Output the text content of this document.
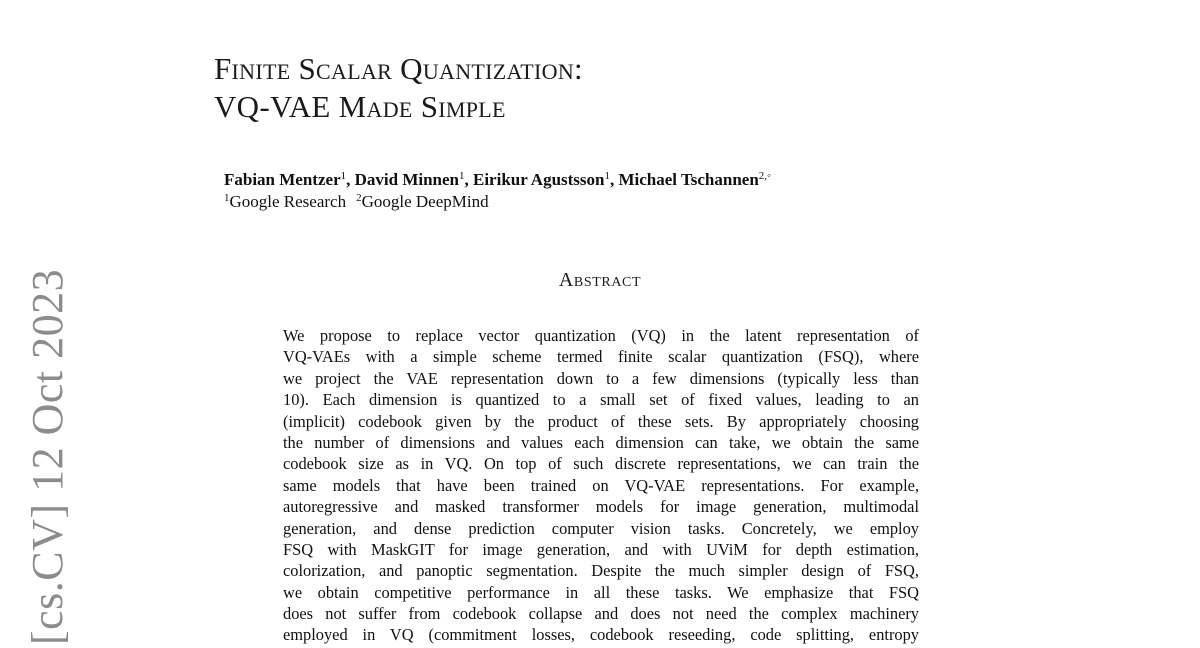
Finite Scalar Quantization:
VQ-VAE Made Simple
Fabian Mentzer$^1$, David Minnen$^1$, Eirikur Agustsson$^1$, Michael Tschannen$^{2,◦}$
$^1$Google Research $^2$Google DeepMind
Abstract
We propose to replace vector quantization (VQ) in the latent representation of
VQ-VAEs with a simple scheme termed finite scalar quantization (FSQ), where
we project the VAE representation down to a few dimensions (typically less than
10). Each dimension is quantized to a small set of fixed values, leading to an
(implicit) codebook given by the product of these sets. By appropriately choosing
the number of dimensions and values each dimension can take, we obtain the same
codebook size as in VQ. On top of such discrete representations, we can train the
same models that have been trained on VQ-VAE representations. For example,
autoregressive and masked transformer models for image generation, multimodal
generation, and dense prediction computer vision tasks. Concretely, we employ
FSQ with MaskGIT for image generation, and with UViM for depth estimation,
colorization, and panoptic segmentation. Despite the much simpler design of FSQ,
we obtain competitive performance in all these tasks. We emphasize that FSQ
does not suffer from codebook collapse and does not need the complex machinery
employed in VQ (commitment losses, codebook reseeding, code splitting, entropy
[cs.CV] 12 Oct 2023
